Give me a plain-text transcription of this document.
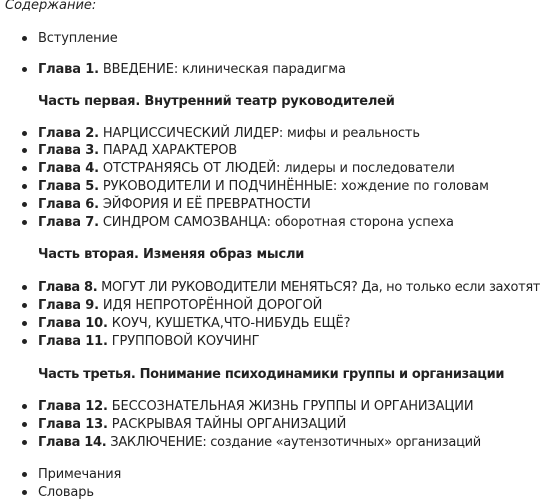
Содержание:
Вступление
Глава 1. ВВЕДЕНИЕ: клиническая парадигма
Часть первая. Внутренний театр руководителей
Глава 2. НАРЦИССИЧЕСКИЙ ЛИДЕР: мифы и реальность
Глава 3. ПАРАД ХАРАКТЕРОВ
Глава 4. ОТСТРАНЯЯСЬ ОТ ЛЮДЕЙ: лидеры и последователи
Глава 5. РУКОВОДИТЕЛИ И ПОДЧИНЁННЫЕ: хождение по головам
Глава 6. ЭЙФОРИЯ И ЕЁ ПРЕВРАТНОСТИ
Глава 7. СИНДРОМ САМОЗВАНЦА: оборотная сторона успеха
Часть вторая. Изменяя образ мысли
Глава 8. МОГУТ ЛИ РУКОВОДИТЕЛИ МЕНЯТЬСЯ? Да, но только если захотят
Глава 9. ИДЯ НЕПРОТОРЁННОЙ ДОРОГОЙ
Глава 10. КОУЧ, КУШЕТКА,ЧТО-НИБУДЬ ЕЩЁ?
Глава 11. ГРУППОВОЙ КОУЧИНГ
Часть третья. Понимание психодинамики группы и организации
Глава 12. БЕССОЗНАТЕЛЬНАЯ ЖИЗНЬ ГРУППЫ И ОРГАНИЗАЦИИ
Глава 13. РАСКРЫВАЯ ТАЙНЫ ОРГАНИЗАЦИЙ
Глава 14. ЗАКЛЮЧЕНИЕ: создание «аутензотичных» организаций
Примечания
Словарь
